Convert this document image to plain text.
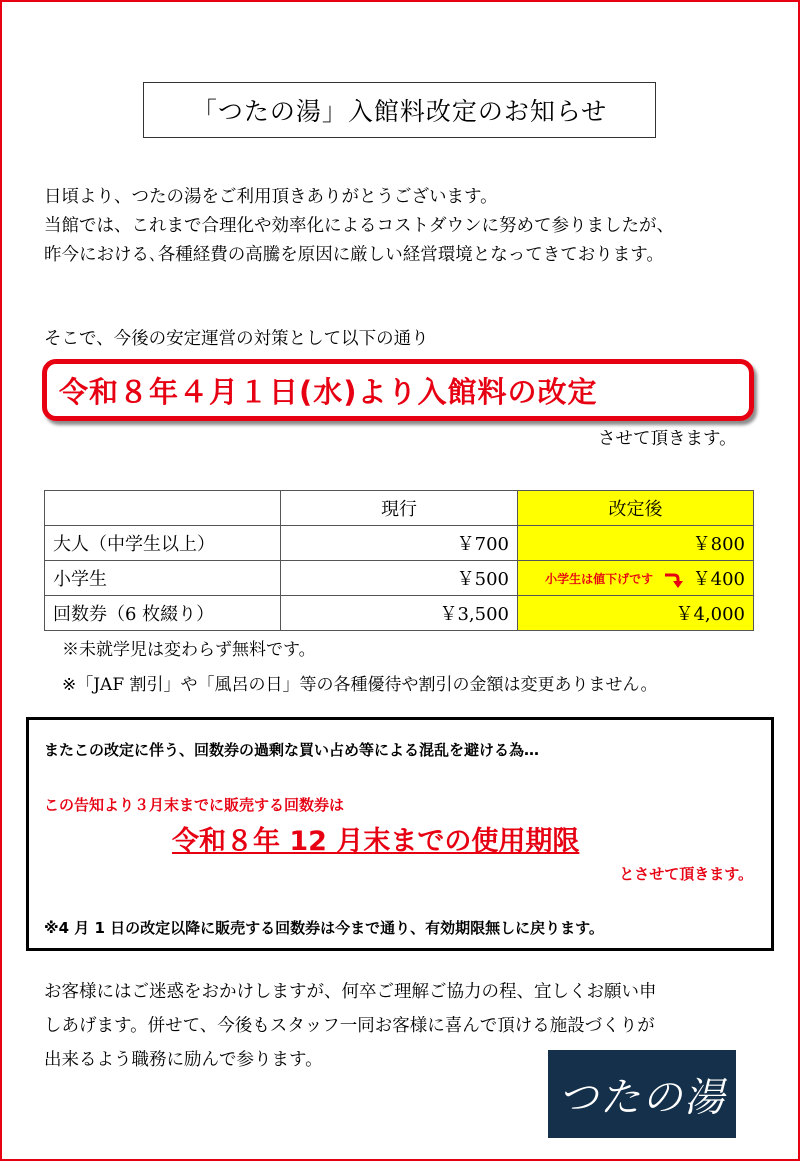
「つたの湯」入館料改定のお知らせ
日頃より、つたの湯をご利用頂きありがとうございます。
当館では、これまで合理化や効率化によるコストダウンに努めて参りましたが、
昨今における､各種経費の高騰を原因に厳しい経営環境となってきております。
そこで、今後の安定運営の対策として以下の通り
令和８年４月１日(水)より入館料の改定
させて頂きます。
	現行	改定後
大人（中学生以上）	￥700	￥800
小学生	￥500	小学生は値下げです ￥400
回数券（6 枚綴り）	￥3,500	￥4,000
※未就学児は変わらず無料です。
※「JAF 割引」や「風呂の日」等の各種優待や割引の金額は変更ありません。
またこの改定に伴う、回数券の過剰な買い占め等による混乱を避ける為…
この告知より３月末までに販売する回数券は
令和８年 12 月末までの使用期限
とさせて頂きます。
※4 月 1 日の改定以降に販売する回数券は今まで通り、有効期限無しに戻ります。
お客様にはご迷惑をおかけしますが、何卒ご理解ご協力の程、宜しくお願い申
しあげます。併せて、今後もスタッフ一同お客様に喜んで頂ける施設づくりが
出来るよう職務に励んで参ります。
つたの湯
